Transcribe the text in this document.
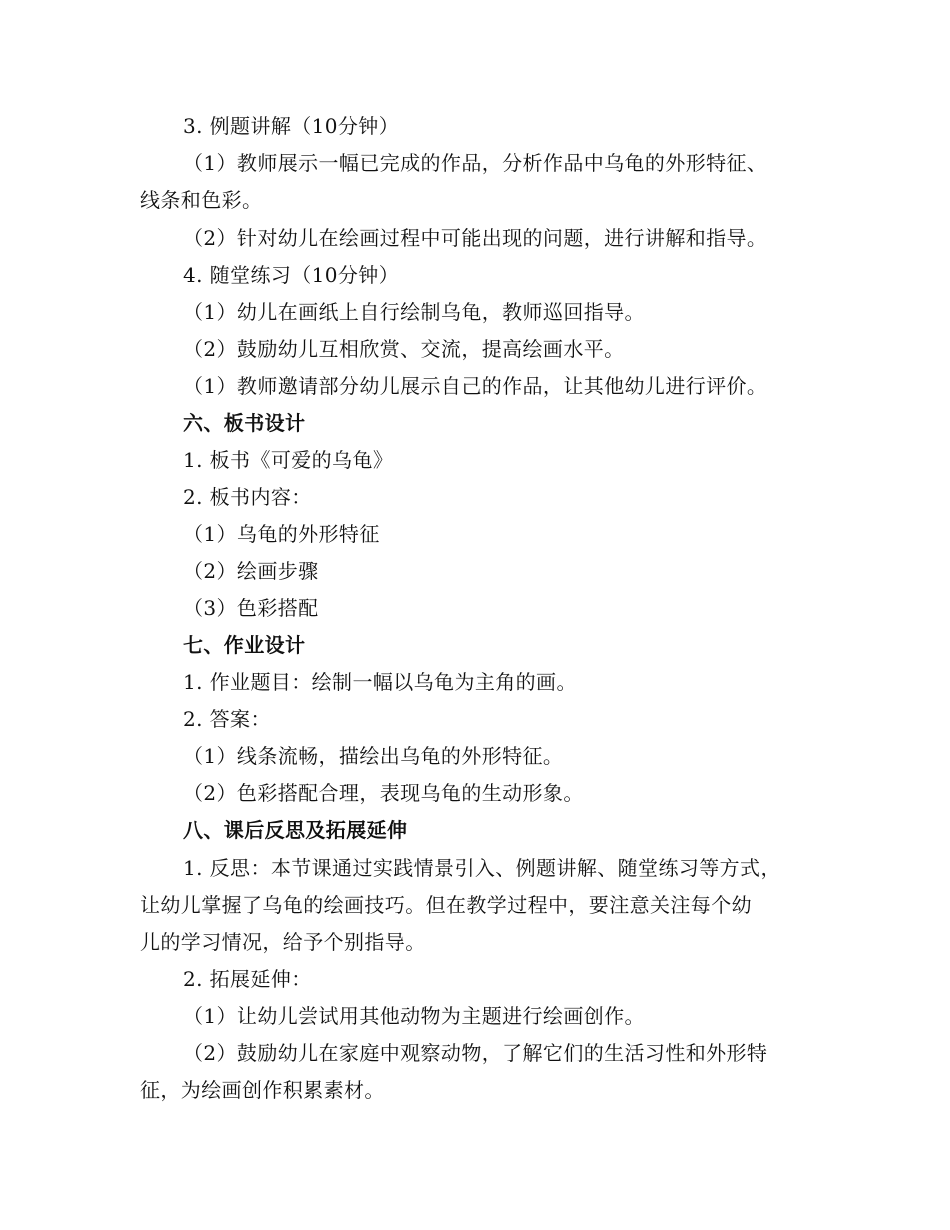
3. 例题讲解（10分钟）
（1）教师展示一幅已完成的作品，分析作品中乌龟的外形特征、
线条和色彩。
（2）针对幼儿在绘画过程中可能出现的问题，进行讲解和指导。
4. 随堂练习（10分钟）
（1）幼儿在画纸上自行绘制乌龟，教师巡回指导。
（2）鼓励幼儿互相欣赏、交流，提高绘画水平。
（1）教师邀请部分幼儿展示自己的作品，让其他幼儿进行评价。
六、板书设计
1. 板书《可爱的乌龟》
2. 板书内容：
（1）乌龟的外形特征
（2）绘画步骤
（3）色彩搭配
七、作业设计
1. 作业题目：绘制一幅以乌龟为主角的画。
2. 答案：
（1）线条流畅，描绘出乌龟的外形特征。
（2）色彩搭配合理，表现乌龟的生动形象。
八、课后反思及拓展延伸
1. 反思：本节课通过实践情景引入、例题讲解、随堂练习等方式，
让幼儿掌握了乌龟的绘画技巧。但在教学过程中，要注意关注每个幼
儿的学习情况，给予个别指导。
2. 拓展延伸：
（1）让幼儿尝试用其他动物为主题进行绘画创作。
（2）鼓励幼儿在家庭中观察动物，了解它们的生活习性和外形特
征，为绘画创作积累素材。
